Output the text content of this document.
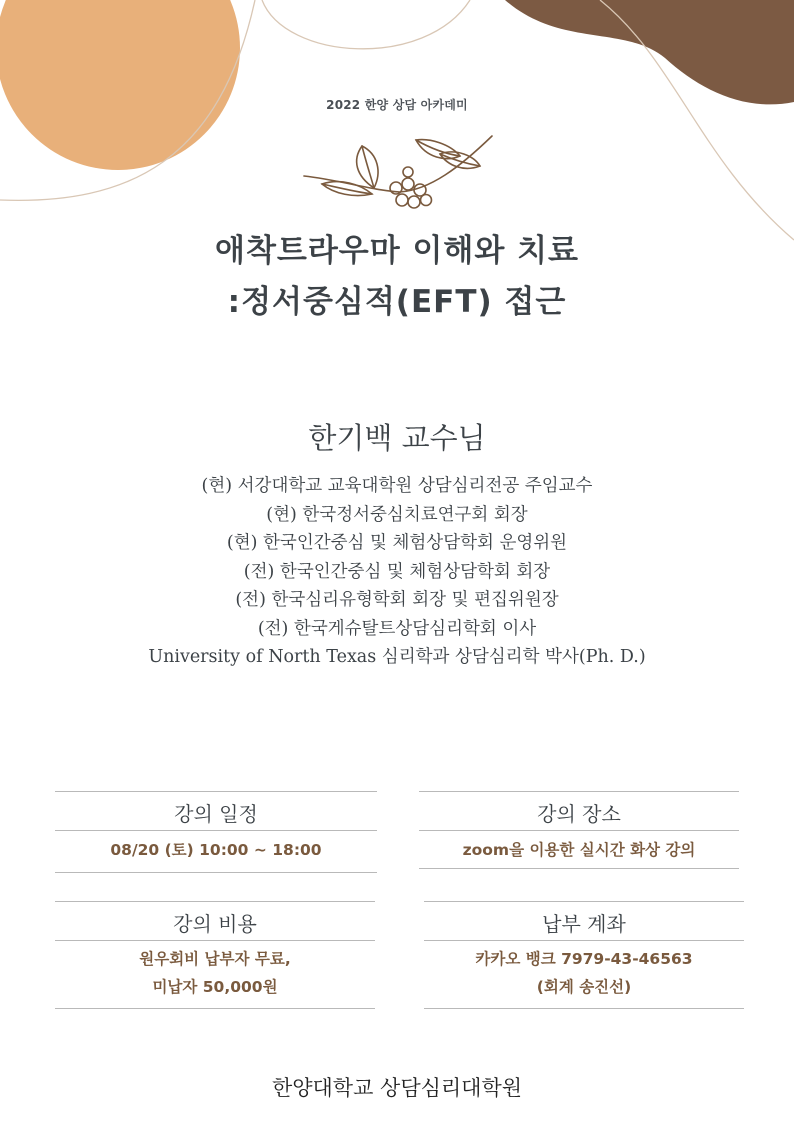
2022 한양 상담 아카데미
애착트라우마 이해와 치료
:정서중심적(EFT) 접근
한기백 교수님
(현) 서강대학교 교육대학원 상담심리전공 주임교수
(현) 한국정서중심치료연구회 회장
(현) 한국인간중심 및 체험상담학회 운영위원
(전) 한국인간중심 및 체험상담학회 회장
(전) 한국심리유형학회 회장 및 편집위원장
(전) 한국게슈탈트상담심리학회 이사
University of North Texas 심리학과 상담심리학 박사(Ph. D.)
강의 일정
08/20 (토) 10:00 ~ 18:00
강의 장소
zoom을 이용한 실시간 화상 강의
강의 비용
원우회비 납부자 무료,
미납자 50,000원
납부 계좌
카카오 뱅크 7979-43-46563
(회계 송진선)
한양대학교 상담심리대학원
